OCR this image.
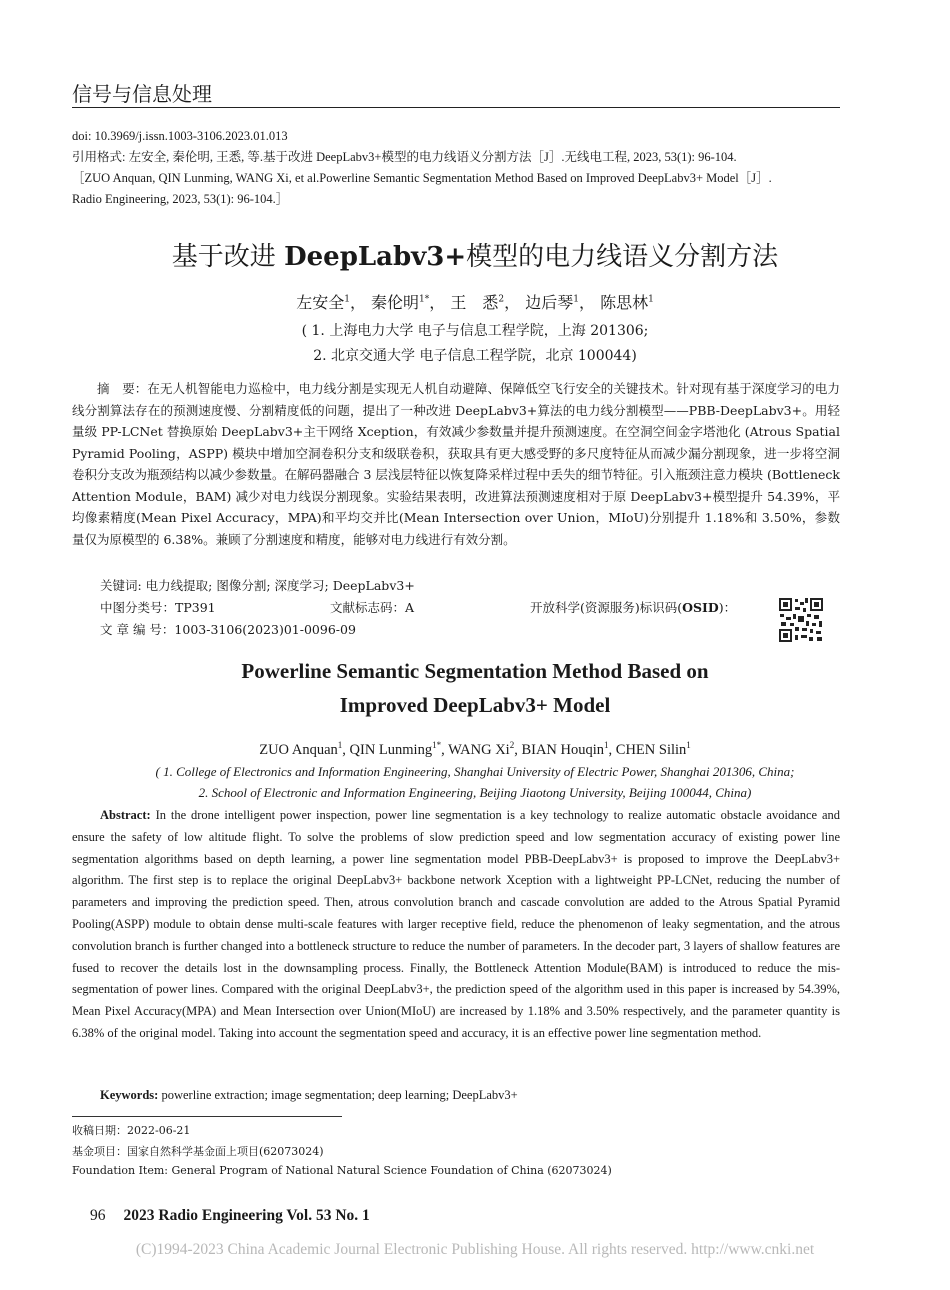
信号与信息处理
doi: 10.3969/j.issn.1003-3106.2023.01.013
引用格式: 左安全, 秦伦明, 王悉, 等.基于改进 DeepLabv3+模型的电力线语义分割方法［J］.无线电工程, 2023, 53(1): 96-104.
［ZUO Anquan, QIN Lunming, WANG Xi, et al.Powerline Semantic Segmentation Method Based on Improved DeepLabv3+ Model［J］.
Radio Engineering, 2023, 53(1): 96-104.］
基于改进 DeepLabv3+模型的电力线语义分割方法
左安全$^1$， 秦伦明$^{1*}$， 王　悉$^2$， 边后琴$^1$， 陈思林$^1$
( 1. 上海电力大学 电子与信息工程学院，上海 201306;
2. 北京交通大学 电子信息工程学院，北京 100044)
摘　要：在无人机智能电力巡检中，电力线分割是实现无人机自动避障、保障低空飞行安全的关键技术。针对现有基于深度学习的电力线分割算法存在的预测速度慢、分割精度低的问题，提出了一种改进 DeepLabv3+算法的电力线分割模型——PBB-DeepLabv3+。用轻量级 PP-LCNet 替换原始 DeepLabv3+主干网络 Xception，有效减少参数量并提升预测速度。在空洞空间金字塔池化 (Atrous Spatial Pyramid Pooling，ASPP) 模块中增加空洞卷积分支和级联卷积，获取具有更大感受野的多尺度特征从而减少漏分割现象，进一步将空洞卷积分支改为瓶颈结构以减少参数量。在解码器融合 3 层浅层特征以恢复降采样过程中丢失的细节特征。引入瓶颈注意力模块 (Bottleneck Attention Module，BAM) 减少对电力线误分割现象。实验结果表明，改进算法预测速度相对于原 DeepLabv3+模型提升 54.39%，平均像素精度(Mean Pixel Accuracy，MPA)和平均交并比(Mean Intersection over Union，MIoU)分别提升 1.18%和 3.50%，参数量仅为原模型的 6.38%。兼顾了分割速度和精度，能够对电力线进行有效分割。
关键词: 电力线提取; 图像分割; 深度学习; DeepLabv3+
中图分类号：TP391	文献标志码：A	开放科学(资源服务)标识码(OSID)：
文 章 编 号：1003-3106(2023)01-0096-09
Powerline Semantic Segmentation Method Based on
Improved DeepLabv3+ Model
ZUO Anquan$^1$, QIN Lunming$^{1*}$, WANG Xi$^2$, BIAN Houqin$^1$, CHEN Silin$^1$
( 1. College of Electronics and Information Engineering, Shanghai University of Electric Power, Shanghai 201306, China;
2. School of Electronic and Information Engineering, Beijing Jiaotong University, Beijing 100044, China)
Abstract: In the drone intelligent power inspection, power line segmentation is a key technology to realize automatic obstacle avoidance and ensure the safety of low altitude flight. To solve the problems of slow prediction speed and low segmentation accuracy of existing power line segmentation algorithms based on depth learning, a power line segmentation model PBB-DeepLabv3+ is proposed to improve the DeepLabv3+ algorithm. The first step is to replace the original DeepLabv3+ backbone network Xception with a lightweight PP-LCNet, reducing the number of parameters and improving the prediction speed. Then, atrous convolution branch and cascade convolution are added to the Atrous Spatial Pyramid Pooling(ASPP) module to obtain dense multi-scale features with larger receptive field, reduce the phenomenon of leaky segmentation, and the atrous convolution branch is further changed into a bottleneck structure to reduce the number of parameters. In the decoder part, 3 layers of shallow features are fused to recover the details lost in the downsampling process. Finally, the Bottleneck Attention Module(BAM) is introduced to reduce the mis-segmentation of power lines. Compared with the original DeepLabv3+, the prediction speed of the algorithm used in this paper is increased by 54.39%, Mean Pixel Accuracy(MPA) and Mean Intersection over Union(MIoU) are increased by 1.18% and 3.50% respectively, and the parameter quantity is 6.38% of the original model. Taking into account the segmentation speed and accuracy, it is an effective power line segmentation method.
Keywords: powerline extraction; image segmentation; deep learning; DeepLabv3+
收稿日期：2022-06-21
基金项目：国家自然科学基金面上项目(62073024)
Foundation Item: General Program of National Natural Science Foundation of China (62073024)
96 2023 Radio Engineering Vol. 53 No. 1
(C)1994-2023 China Academic Journal Electronic Publishing House. All rights reserved. http://www.cnki.net
